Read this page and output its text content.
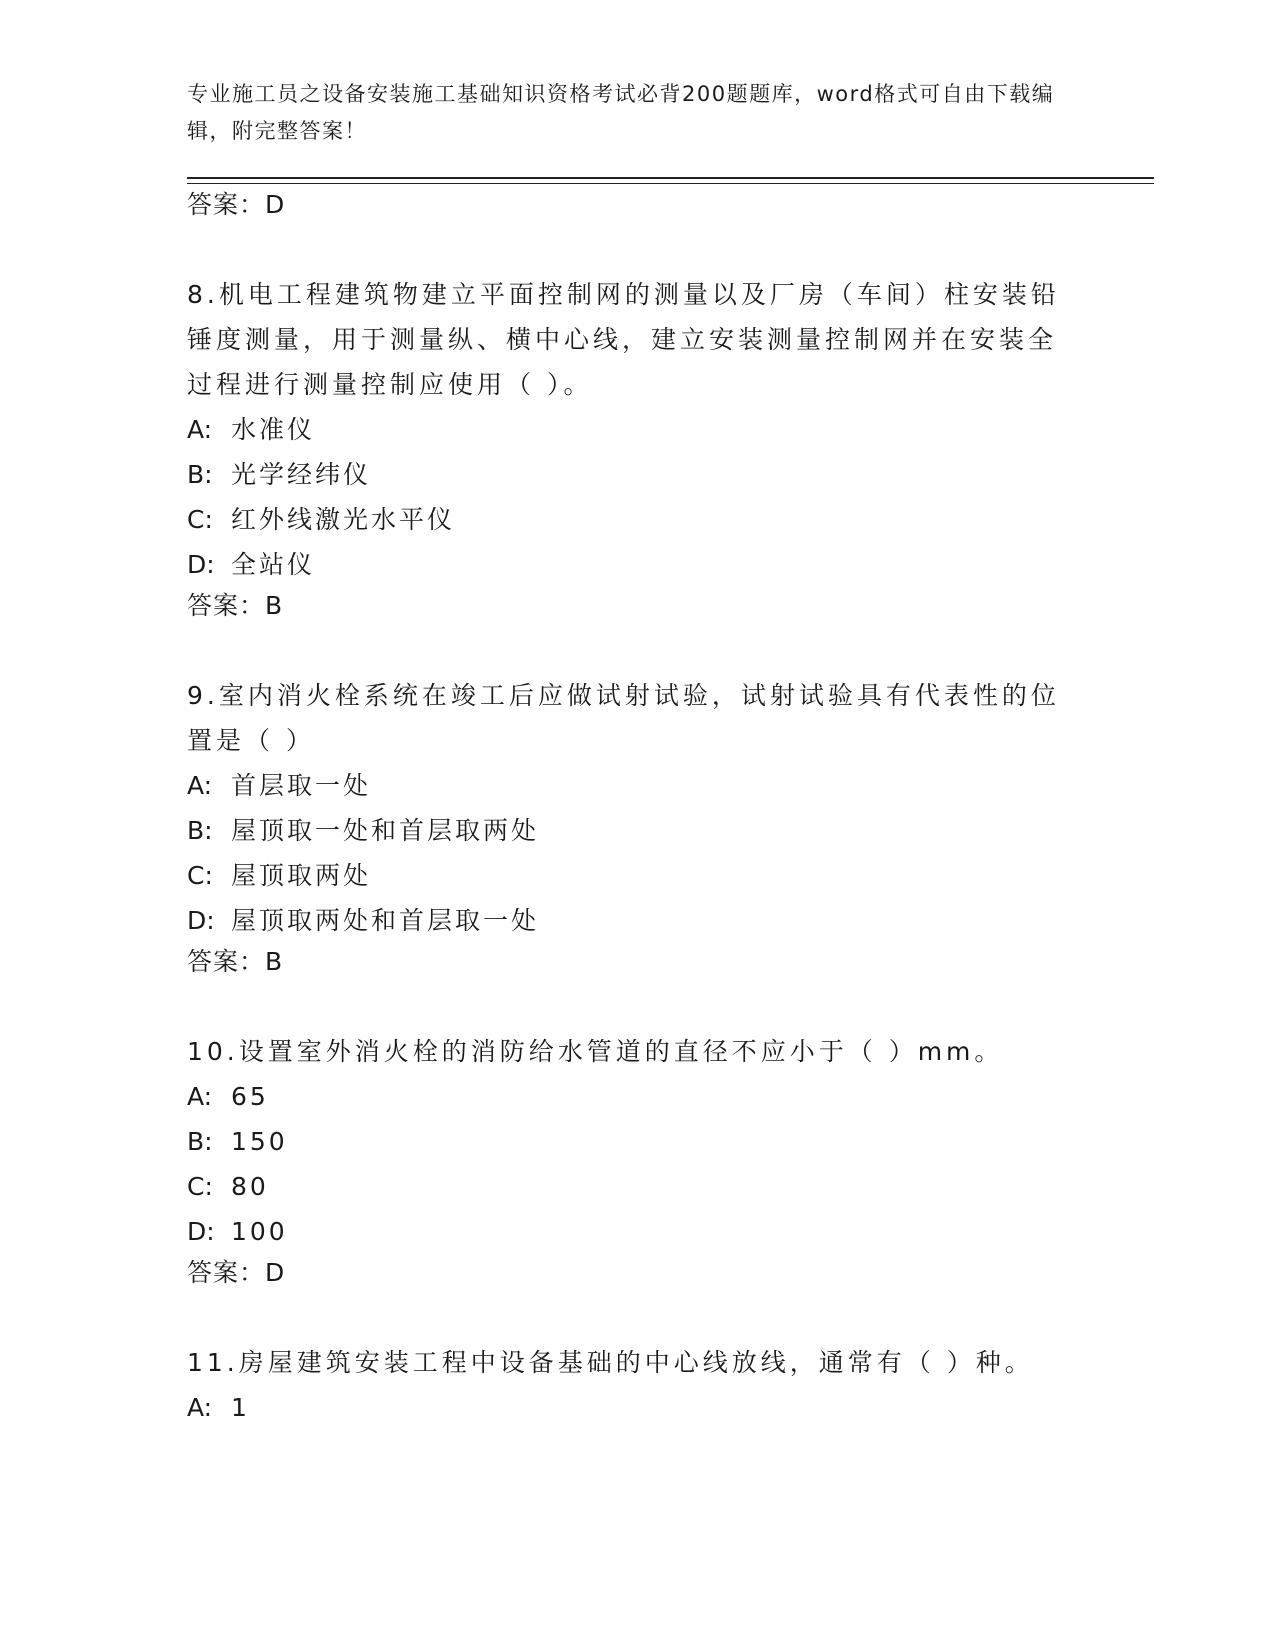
专业施工员之设备安装施工基础知识资格考试必背200题题库，word格式可自由下载编辑，附完整答案！
答案：D
8.机电工程建筑物建立平面控制网的测量以及厂房（车间）柱安装铅锤度测量，用于测量纵、横中心线，建立安装测量控制网并在安装全过程进行测量控制应使用（ ）。
A: 水准仪
B: 光学经纬仪
C: 红外线激光水平仪
D: 全站仪
答案：B
9.室内消火栓系统在竣工后应做试射试验，试射试验具有代表性的位置是（ ）
A: 首层取一处
B: 屋顶取一处和首层取两处
C: 屋顶取两处
D: 屋顶取两处和首层取一处
答案：B
10.设置室外消火栓的消防给水管道的直径不应小于（ ）mm。
A: 65
B: 150
C: 80
D: 100
答案：D
11.房屋建筑安装工程中设备基础的中心线放线，通常有（ ）种。
A: 1
